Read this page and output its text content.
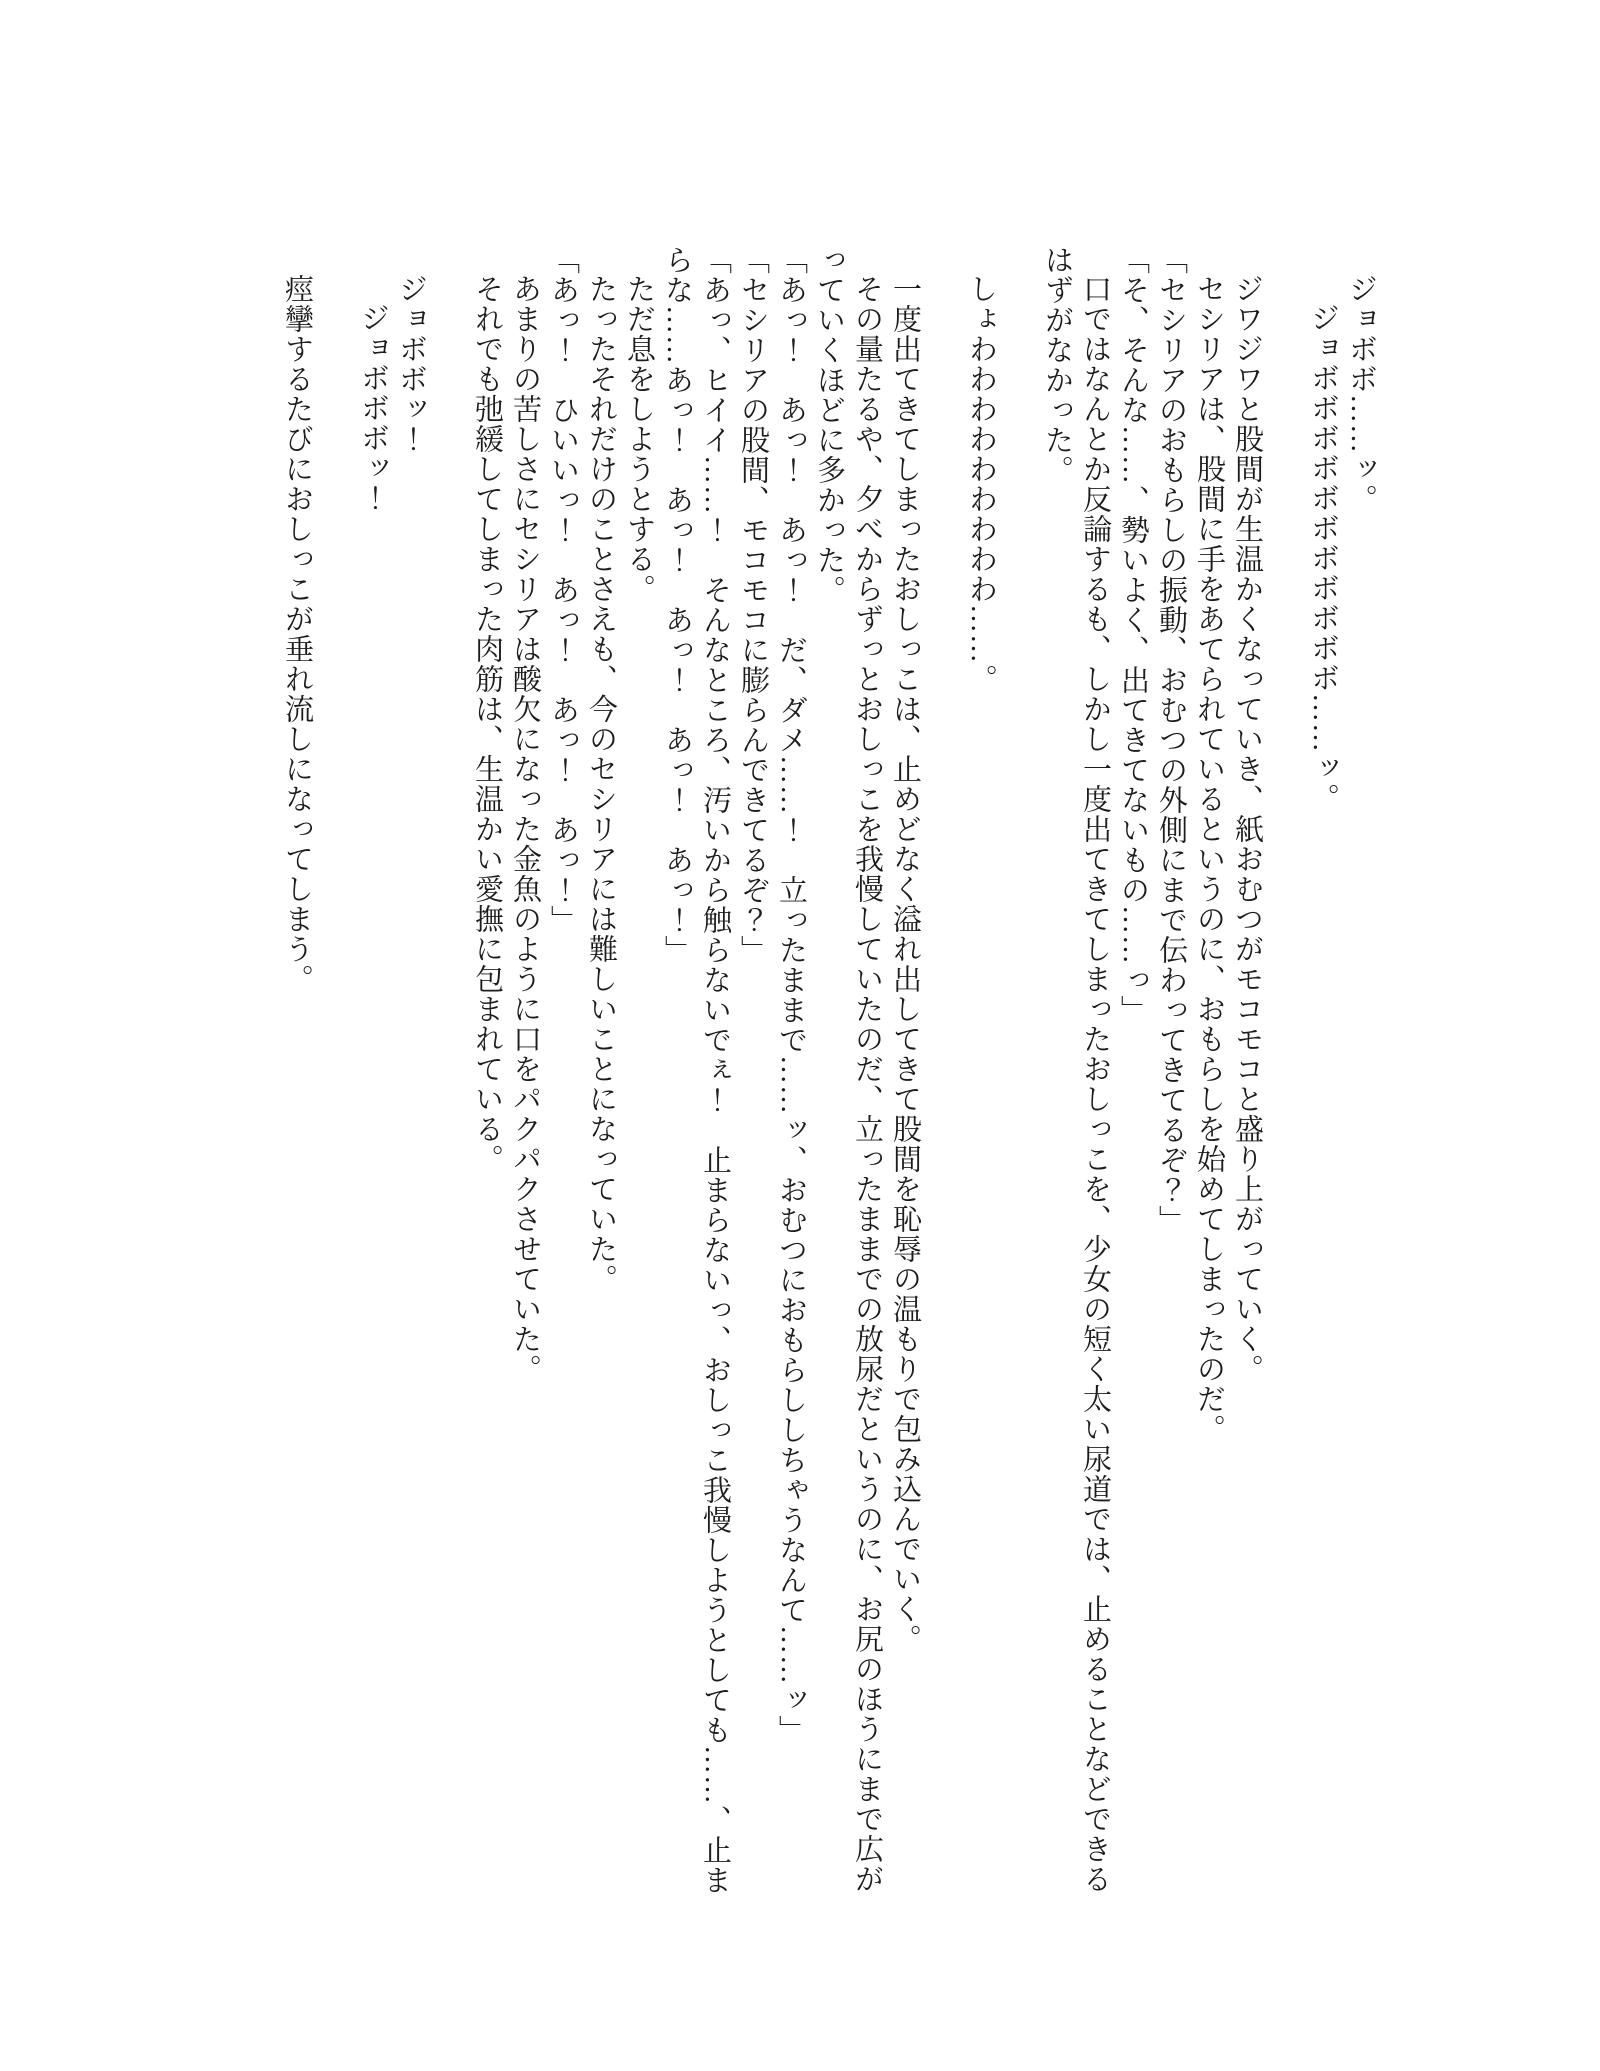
ジョボボ……ッ。

ジョボボボボボボボボボボボ……ッ。

ジワジワと股間が生温かくなっていき、紙おむつがモコモコと盛り上がっていく。

セシリアは、股間に手をあてられているというのに、おもらしを始めてしまったのだ。

「セシリアのおもらしの振動、おむつの外側にまで伝わってきてるぞ？」

「そ、そんな……、勢いよく、出てきてないもの……っ」

口ではなんとか反論するも、しかし一度出てきてしまったおしっこを、少女の短く太い尿道では、止めることなどできるはずがなかった。

しょわわわわわわわわわ……。

一度出てきてしまったおしっこは、止めどなく溢れ出してきて股間を恥辱の温もりで包み込んでいく。

その量たるや、夕べからずっとおしっこを我慢していたのだ、立ったままでの放尿だというのに、お尻のほうにまで広がっていくほどに多かった。

「あっ！　あっ！　あっ！　だ、ダメ……！　立ったままで……ッ、おむつにおもらししちゃうなんて……ッ」

「セシリアの股間、モコモコに膨らんできてるぞ？」

「あっ、ヒイイ……！　そんなところ、汚いから触らないでぇ！　止まらないっ、おしっこ我慢しようとしても……、止まらな……あっ！　あっ！　あっ！　あっ！　あっ！」

ただ息をしようとする。

たったそれだけのことさえも、今のセシリアには難しいことになっていた。

「あっ！　ひいいっ！　あっ！　あっ！　あっ！」

あまりの苦しさにセシリアは酸欠になった金魚のように口をパクパクさせていた。

それでも弛緩してしまった肉筋は、生温かい愛撫に包まれている。

ジョボボッ！

ジョボボボッ！

痙攣するたびにおしっこが垂れ流しになってしまう。
